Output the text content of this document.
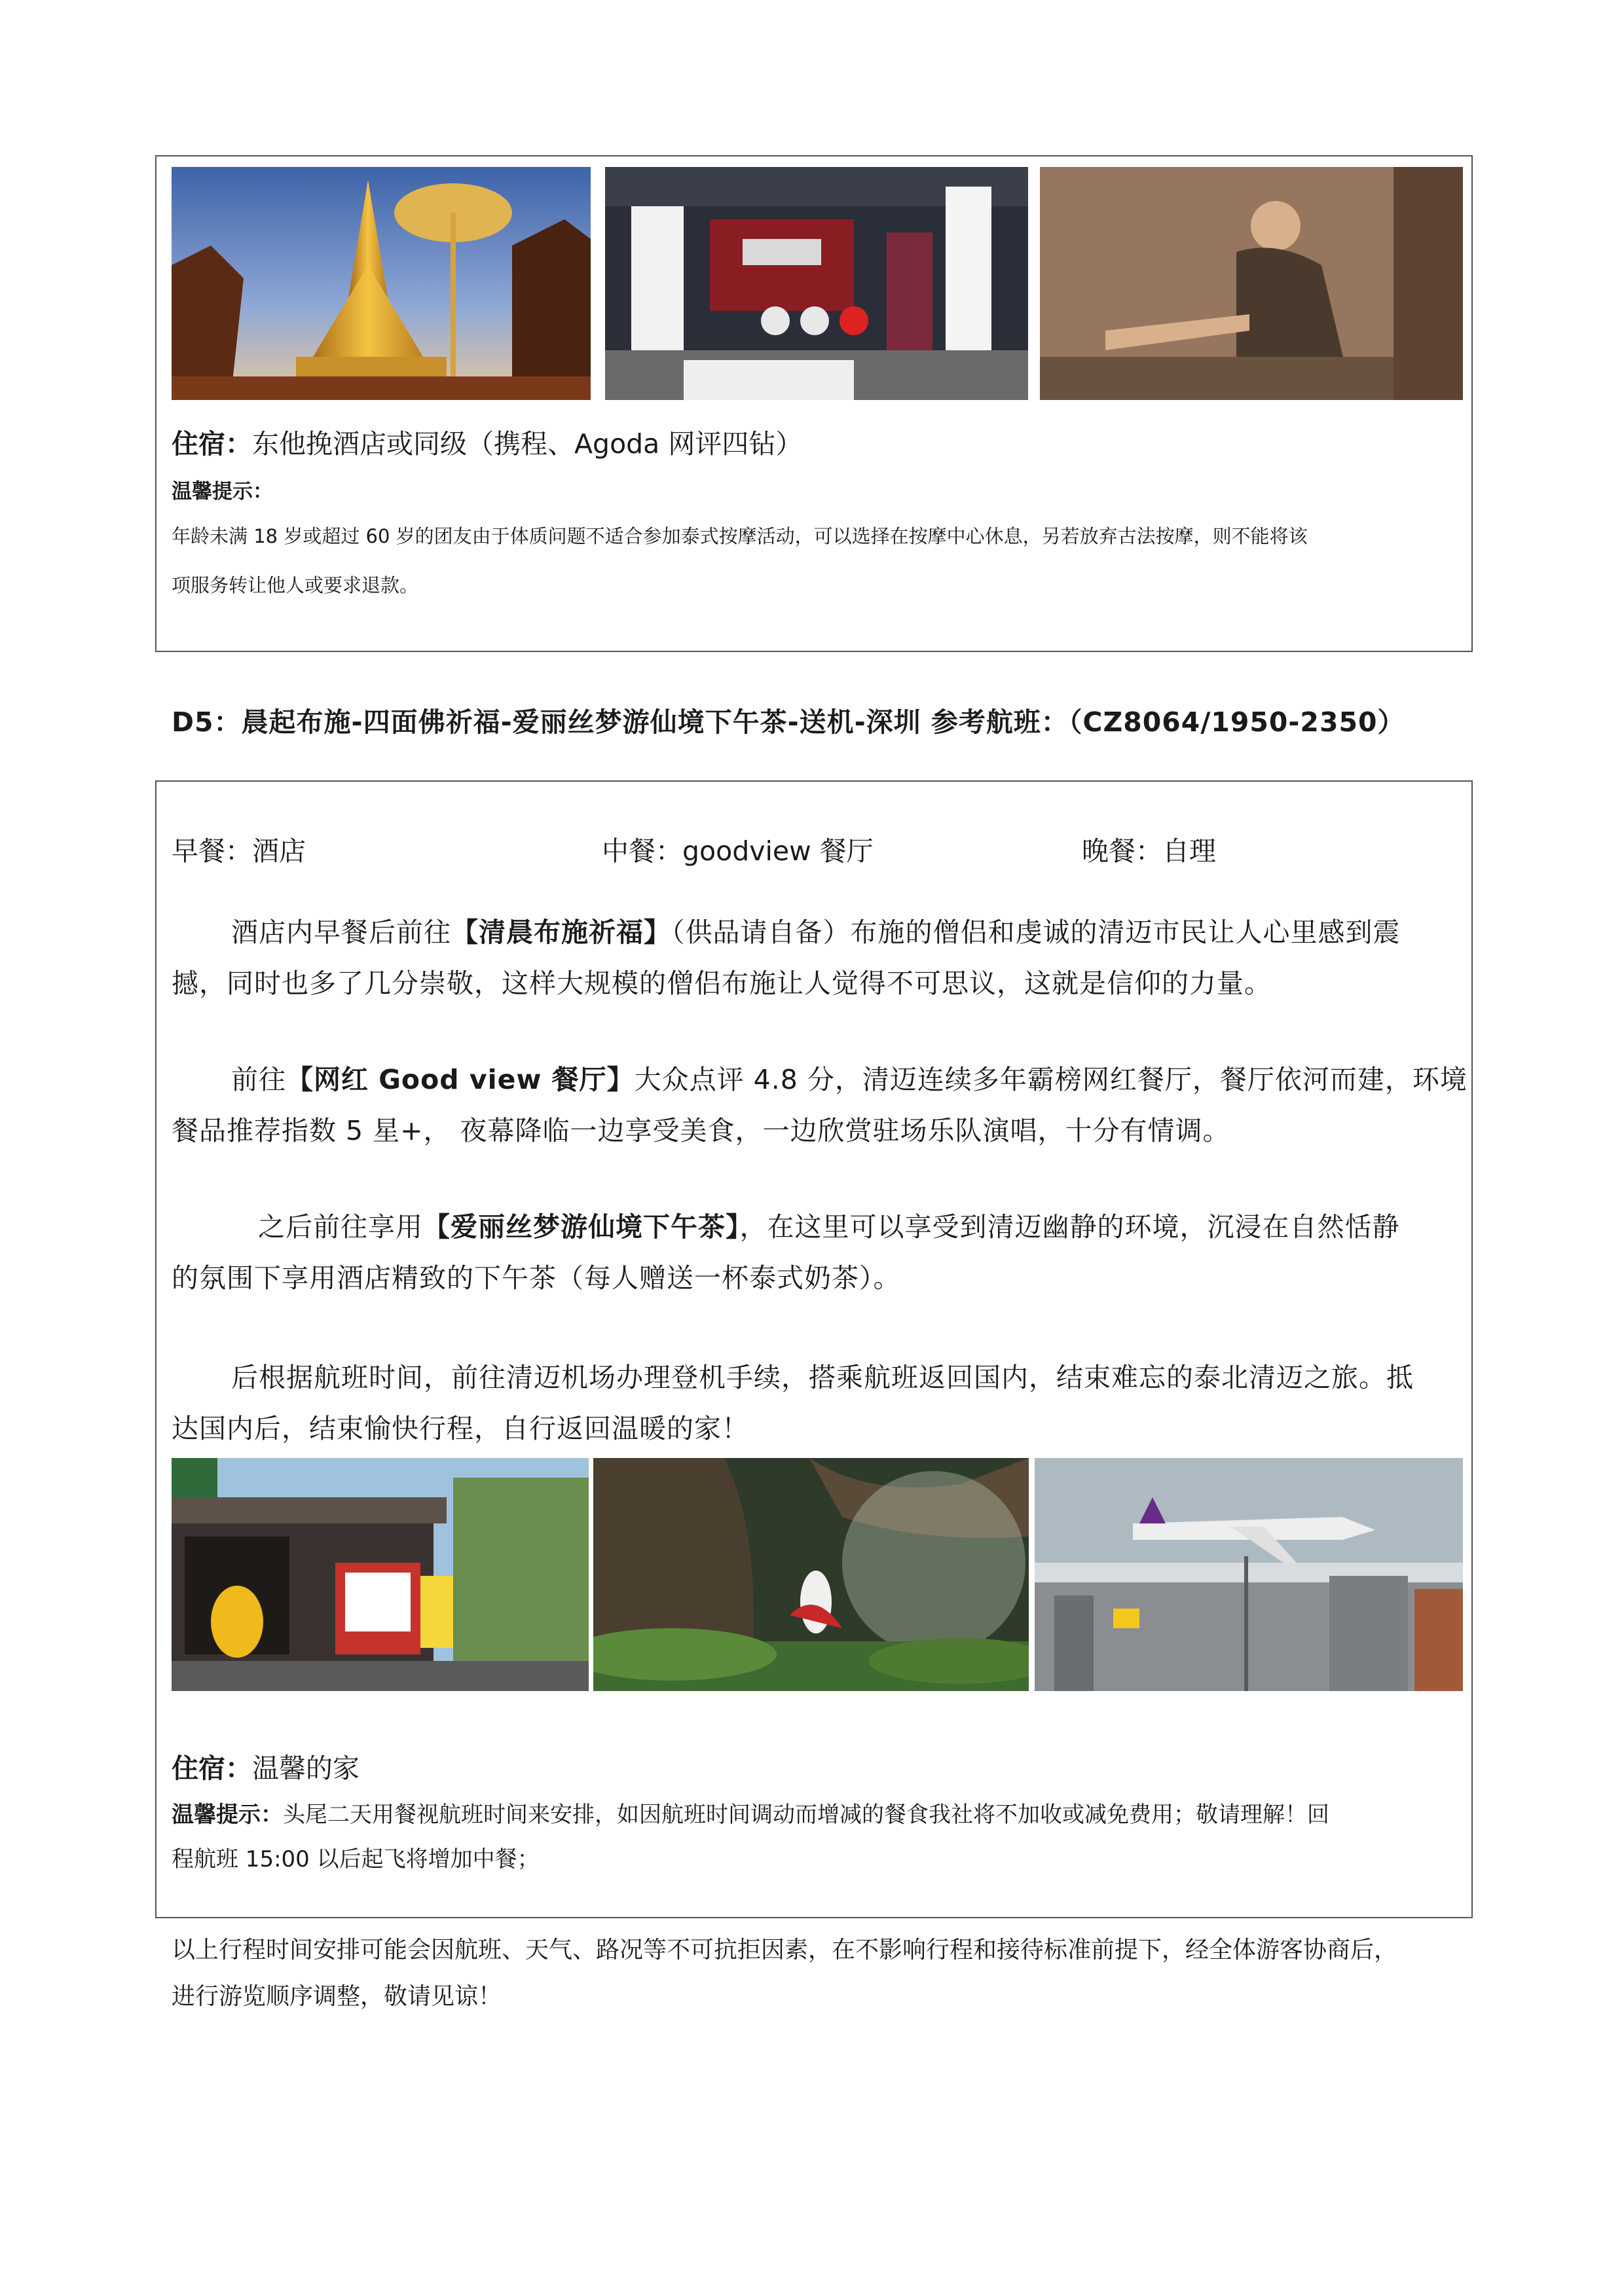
住宿：东他挽酒店或同级（携程、Agoda 网评四钻）
温馨提示：
年龄未满 18 岁或超过 60 岁的团友由于体质问题不适合参加泰式按摩活动，可以选择在按摩中心休息，另若放弃古法按摩，则不能将该
项服务转让他人或要求退款。
D5：晨起布施-四面佛祈福-爱丽丝梦游仙境下午茶-送机-深圳 参考航班：（CZ8064/1950-2350）
早餐：酒店	中餐：goodview 餐厅	晚餐：自理
酒店内早餐后前往【清晨布施祈福】（供品请自备）布施的僧侣和虔诚的清迈市民让人心里感到震
撼，同时也多了几分崇敬，这样大规模的僧侣布施让人觉得不可思议，这就是信仰的力量。
前往【网红 Good view 餐厅】大众点评 4.8 分，清迈连续多年霸榜网红餐厅，餐厅依河而建，环境
餐品推荐指数 5 星+， 夜幕降临一边享受美食，一边欣赏驻场乐队演唱，十分有情调。
之后前往享用【爱丽丝梦游仙境下午茶】，在这里可以享受到清迈幽静的环境，沉浸在自然恬静
的氛围下享用酒店精致的下午茶（每人赠送一杯泰式奶茶）。
后根据航班时间，前往清迈机场办理登机手续，搭乘航班返回国内，结束难忘的泰北清迈之旅。抵
达国内后，结束愉快行程，自行返回温暖的家！
住宿：温馨的家
温馨提示：头尾二天用餐视航班时间来安排，如因航班时间调动而增减的餐食我社将不加收或减免费用；敬请理解！回
程航班 15:00 以后起飞将增加中餐；
以上行程时间安排可能会因航班、天气、路况等不可抗拒因素，在不影响行程和接待标准前提下，经全体游客协商后，
进行游览顺序调整，敬请见谅！
